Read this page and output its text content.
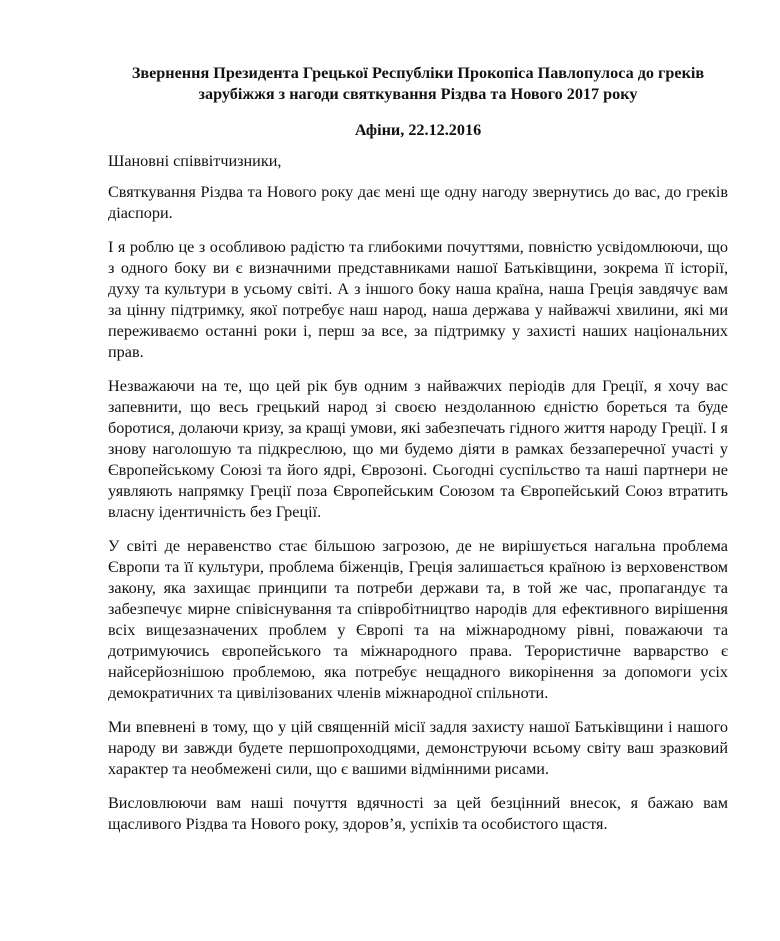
Звернення Президента Грецької Республіки Прокопіса Павлопулоса до греків
зарубіжжя з нагоди святкування Різдва та Нового 2017 року
Афіни, 22.12.2016
Шановні співвітчизники,

Святкування Різдва та Нового року дає мені ще одну нагоду звернутись до вас, до греків діаспори.

І я роблю це з особливою радістю та глибокими почуттями, повністю усвідомлюючи, що з одного боку ви є визначними представниками нашої Батьківщини, зокрема її історії, духу та культури в усьому світі. А з іншого боку наша країна, наша Греція завдячує вам за цінну підтримку, якої потребує наш народ, наша держава у найважчі хвилини, які ми переживаємо останні роки і, перш за все, за підтримку у захисті наших національних прав.

Незважаючи на те, що цей рік був одним з найважчих періодів для Греції, я хочу вас запевнити, що весь грецький народ зі своєю нездоланною єдністю бореться та буде боротися, долаючи кризу, за кращі умови, які забезпечать гідного життя народу Греції. І я знову наголошую та підкреслюю, що ми будемо діяти в рамках беззаперечної участі у Європейському Союзі та його ядрі, Єврозоні. Сьогодні суспільство та наші партнери не уявляють напрямку Греції поза Європейським Союзом та Європейський Союз втратить власну ідентичність без Греції.

У світі де неравенство стає більшою загрозою, де не вирішується нагальна проблема Європи та її культури, проблема біженців, Греція залишається країною із верховенством закону, яка захищає принципи та потреби держави та, в той же час, пропагандує та забезпечує мирне співіснування та співробітництво народів для ефективного вирішення всіх вищезазначених проблем у Європі та на міжнародному рівні, поважаючи та дотримуючись європейського та міжнародного права. Терористичне варварство є найсерйознішою проблемою, яка потребує нещадного викорінення за допомоги усіх демократичних та цивілізованих членів міжнародної спільноти.

Ми впевнені в тому, що у цій священній місії задля захисту нашої Батьківщини і нашого народу ви завжди будете першопроходцями, демонструючи всьому світу ваш зразковий характер та необмежені сили, що є вашими відмінними рисами.

Висловлюючи вам наші почуття вдячності за цей безцінний внесок, я бажаю вам щасливого Різдва та Нового року, здоров’я, успіхів та особистого щастя.
